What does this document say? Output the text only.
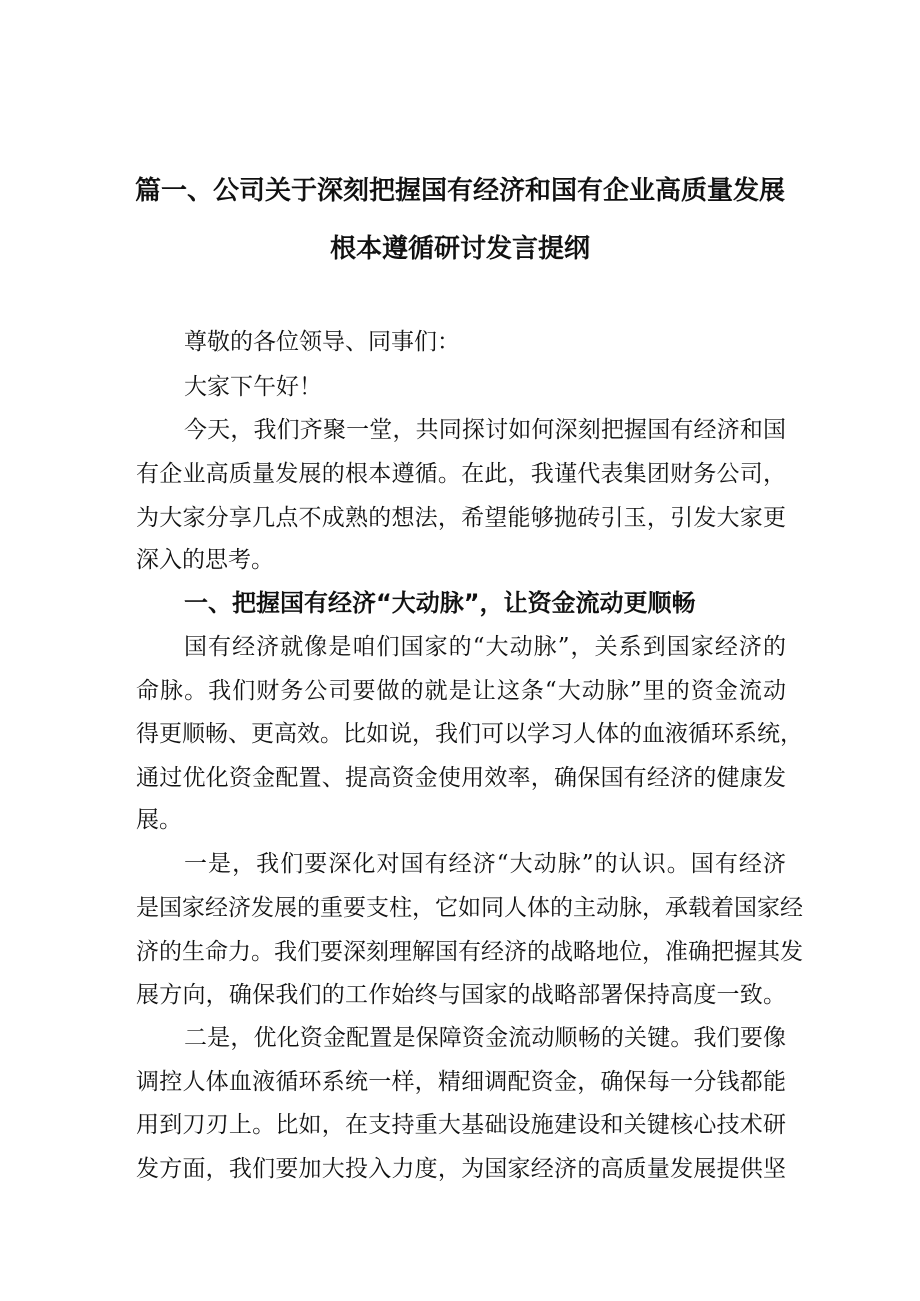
篇一、公司关于深刻把握国有经济和国有企业高质量发展
根本遵循研讨发言提纲
尊敬的各位领导、同事们：
大家下午好！
今天，我们齐聚一堂，共同探讨如何深刻把握国有经济和国
有企业高质量发展的根本遵循。在此，我谨代表集团财务公司，
为大家分享几点不成熟的想法，希望能够抛砖引玉，引发大家更
深入的思考。
一、把握国有经济“大动脉”，让资金流动更顺畅
国有经济就像是咱们国家的“大动脉”，关系到国家经济的
命脉。我们财务公司要做的就是让这条“大动脉”里的资金流动
得更顺畅、更高效。比如说，我们可以学习人体的血液循环系统，
通过优化资金配置、提高资金使用效率，确保国有经济的健康发
展。
一是，我们要深化对国有经济“大动脉”的认识。国有经济
是国家经济发展的重要支柱，它如同人体的主动脉，承载着国家经
济的生命力。我们要深刻理解国有经济的战略地位，准确把握其发
展方向，确保我们的工作始终与国家的战略部署保持高度一致。
二是，优化资金配置是保障资金流动顺畅的关键。我们要像
调控人体血液循环系统一样，精细调配资金，确保每一分钱都能
用到刀刃上。比如，在支持重大基础设施建设和关键核心技术研
发方面，我们要加大投入力度，为国家经济的高质量发展提供坚
